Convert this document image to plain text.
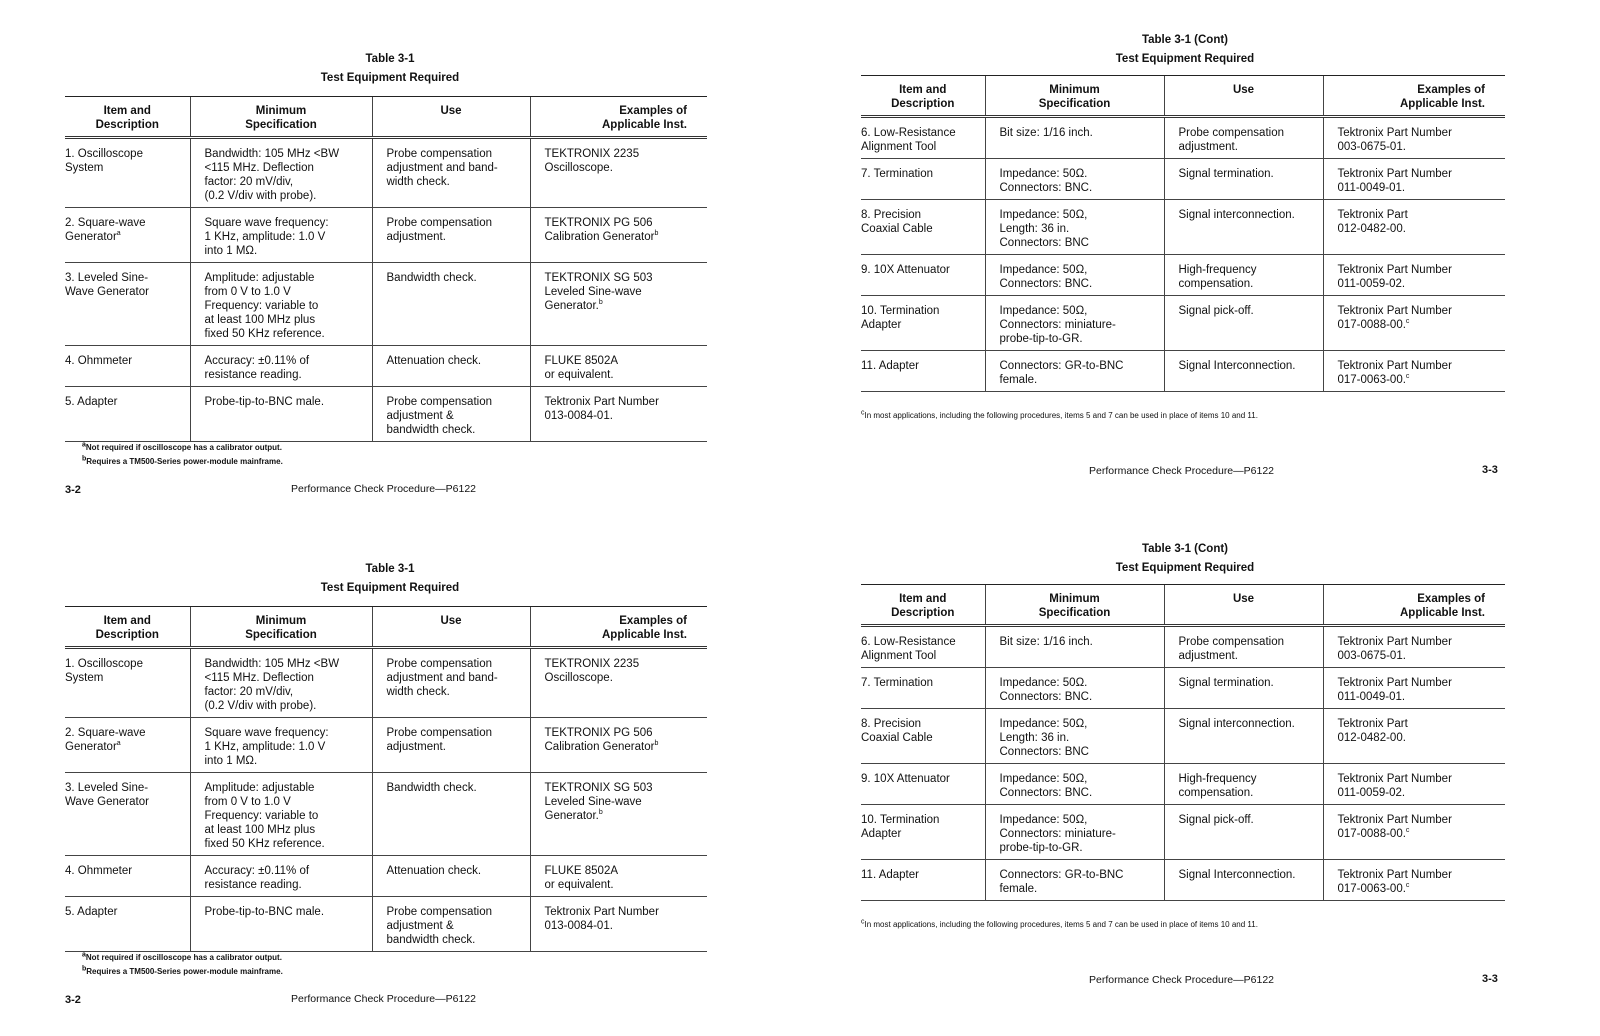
Table 3-1
Test Equipment Required
Item and
Description	Minimum
Specification	Use	Examples of
Applicable Inst.

1. Oscilloscope
System	Bandwidth: 105 MHz <BW
<115 MHz. Deflection
factor: 20 mV/div,
(0.2 V/div with probe).	Probe compensation
adjustment and band-
width check.	TEKTRONIX 2235
Oscilloscope.

2. Square-wave
Generator$^a$	Square wave frequency:
1 KHz, amplitude: 1.0 V
into 1 MΩ.	Probe compensation
adjustment.	TEKTRONIX PG 506
Calibration Generator$^b$

3. Leveled Sine-
Wave Generator	Amplitude: adjustable
from 0 V to 1.0 V
Frequency: variable to
at least 100 MHz plus
fixed 50 KHz reference.	Bandwidth check.	TEKTRONIX SG 503
Leveled Sine-wave
Generator.$^b$

4. Ohmmeter	Accuracy: ±0.11% of
resistance reading.	Attenuation check.	FLUKE 8502A
or equivalent.

5. Adapter	Probe-tip-to-BNC male.	Probe compensation
adjustment &
bandwidth check.	Tektronix Part Number
013-0084-01.
$^a$Not required if oscilloscope has a calibrator output.
$^b$Requires a TM500-Series power-module mainframe.
3-2	Performance Check Procedure—P6122
Table 3-1 (Cont)
Test Equipment Required
Item and
Description	Minimum
Specification	Use	Examples of
Applicable Inst.

6. Low-Resistance
Alignment Tool	Bit size: 1/16 inch.	Probe compensation
adjustment.	Tektronix Part Number
003-0675-01.

7. Termination	Impedance: 50Ω.
Connectors: BNC.	Signal termination.	Tektronix Part Number
011-0049-01.

8. Precision
Coaxial Cable	Impedance: 50Ω,
Length: 36 in.
Connectors: BNC	Signal interconnection.	Tektronix Part
012-0482-00.

9. 10X Attenuator	Impedance: 50Ω,
Connectors: BNC.	High-frequency
compensation.	Tektronix Part Number
011-0059-02.

10. Termination
Adapter	Impedance: 50Ω,
Connectors: miniature-
probe-tip-to-GR.	Signal pick-off.	Tektronix Part Number
017-0088-00.$^c$

11. Adapter	Connectors: GR-to-BNC
female.	Signal Interconnection.	Tektronix Part Number
017-0063-00.$^c$
$^c$In most applications, including the following procedures, items 5 and 7 can be used in place of items 10 and 11.
3-3
Performance Check Procedure—P6122
Table 3-1
Test Equipment Required
Item and
Description	Minimum
Specification	Use	Examples of
Applicable Inst.

1. Oscilloscope
System	Bandwidth: 105 MHz <BW
<115 MHz. Deflection
factor: 20 mV/div,
(0.2 V/div with probe).	Probe compensation
adjustment and band-
width check.	TEKTRONIX 2235
Oscilloscope.

2. Square-wave
Generator$^a$	Square wave frequency:
1 KHz, amplitude: 1.0 V
into 1 MΩ.	Probe compensation
adjustment.	TEKTRONIX PG 506
Calibration Generator$^b$

3. Leveled Sine-
Wave Generator	Amplitude: adjustable
from 0 V to 1.0 V
Frequency: variable to
at least 100 MHz plus
fixed 50 KHz reference.	Bandwidth check.	TEKTRONIX SG 503
Leveled Sine-wave
Generator.$^b$

4. Ohmmeter	Accuracy: ±0.11% of
resistance reading.	Attenuation check.	FLUKE 8502A
or equivalent.

5. Adapter	Probe-tip-to-BNC male.	Probe compensation
adjustment &
bandwidth check.	Tektronix Part Number
013-0084-01.
$^a$Not required if oscilloscope has a calibrator output.
$^b$Requires a TM500-Series power-module mainframe.
3-2	Performance Check Procedure—P6122
Table 3-1 (Cont)
Test Equipment Required
Item and
Description	Minimum
Specification	Use	Examples of
Applicable Inst.

6. Low-Resistance
Alignment Tool	Bit size: 1/16 inch.	Probe compensation
adjustment.	Tektronix Part Number
003-0675-01.

7. Termination	Impedance: 50Ω.
Connectors: BNC.	Signal termination.	Tektronix Part Number
011-0049-01.

8. Precision
Coaxial Cable	Impedance: 50Ω,
Length: 36 in.
Connectors: BNC	Signal interconnection.	Tektronix Part
012-0482-00.

9. 10X Attenuator	Impedance: 50Ω,
Connectors: BNC.	High-frequency
compensation.	Tektronix Part Number
011-0059-02.

10. Termination
Adapter	Impedance: 50Ω,
Connectors: miniature-
probe-tip-to-GR.	Signal pick-off.	Tektronix Part Number
017-0088-00.$^c$

11. Adapter	Connectors: GR-to-BNC
female.	Signal Interconnection.	Tektronix Part Number
017-0063-00.$^c$
$^c$In most applications, including the following procedures, items 5 and 7 can be used in place of items 10 and 11.
3-3
Performance Check Procedure—P6122
